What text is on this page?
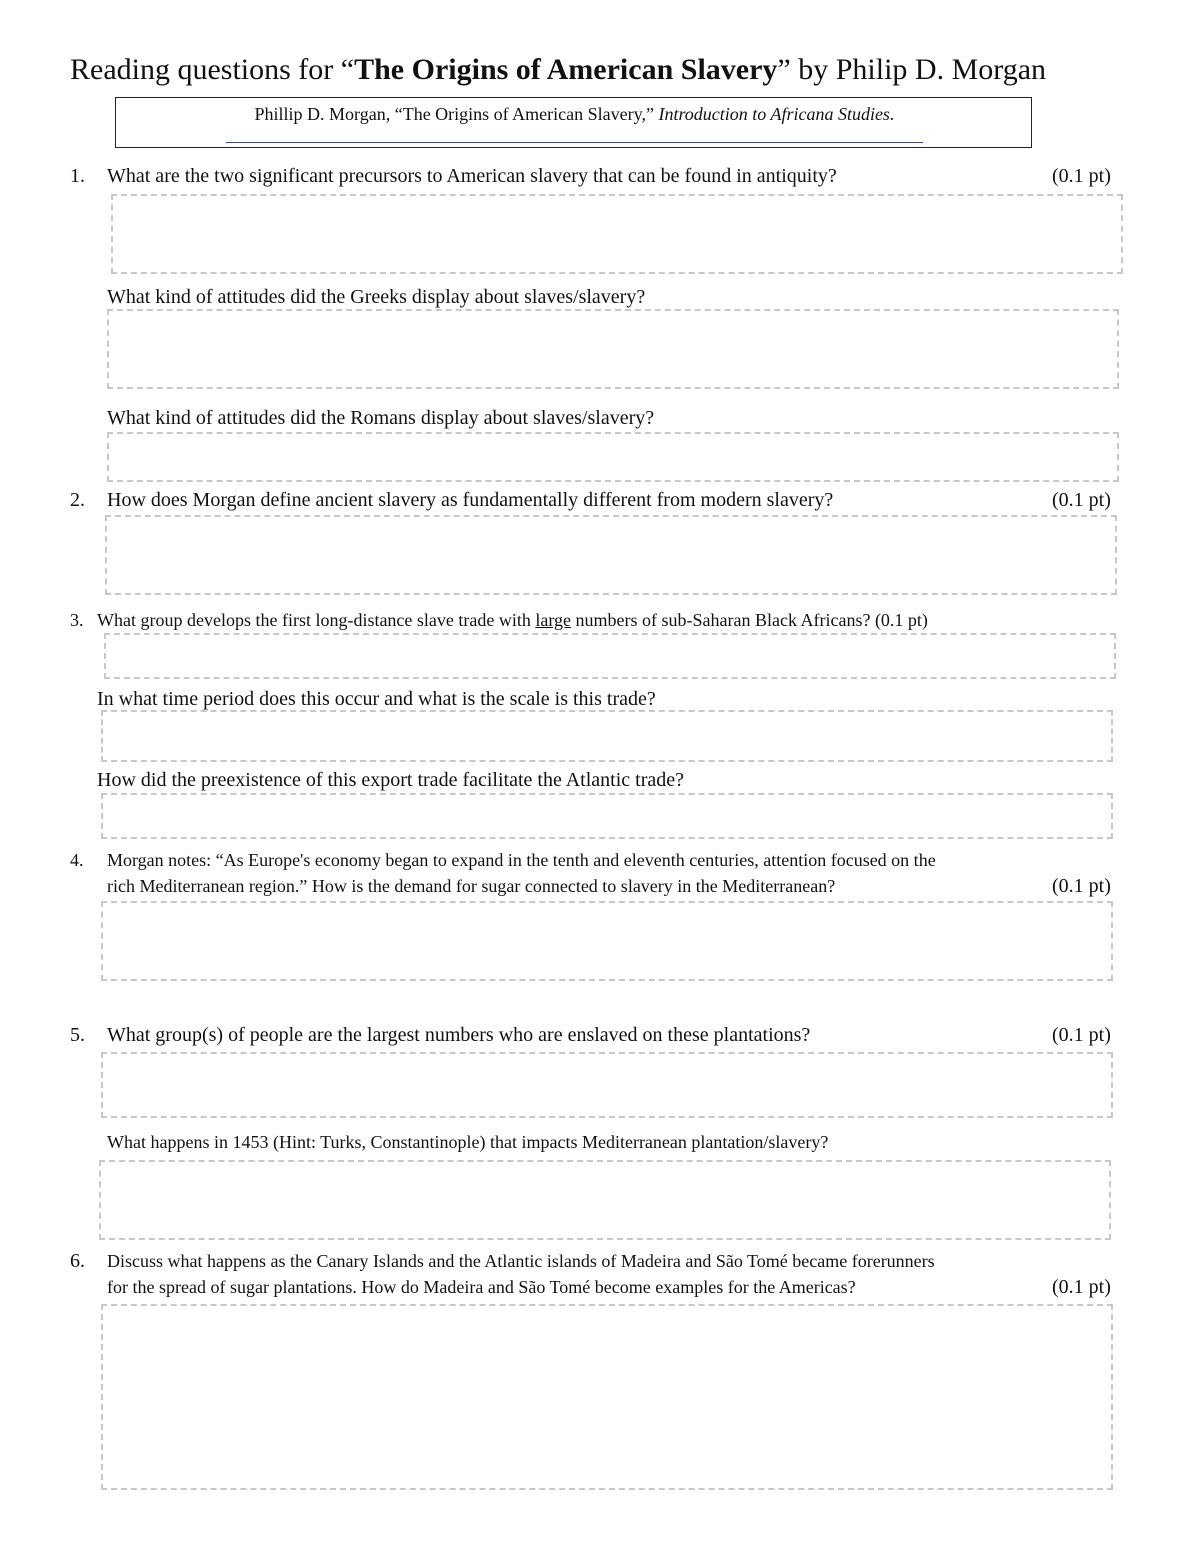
Reading questions for “The Origins of American Slavery” by Philip D. Morgan
Phillip D. Morgan, “The Origins of American Slavery,” Introduction to Africana Studies.
1. What are the two significant precursors to American slavery that can be found in antiquity?	(0.1 pt)
What kind of attitudes did the Greeks display about slaves/slavery?
What kind of attitudes did the Romans display about slaves/slavery?
2. How does Morgan define ancient slavery as fundamentally different from modern slavery?	(0.1 pt)
3. What group develops the first long-distance slave trade with large numbers of sub-Saharan Black Africans? (0.1 pt)
In what time period does this occur and what is the scale is this trade?
How did the preexistence of this export trade facilitate the Atlantic trade?
4. Morgan notes: “As Europe's economy began to expand in the tenth and eleventh centuries, attention focused on the
rich Mediterranean region.” How is the demand for sugar connected to slavery in the Mediterranean?	(0.1 pt)
5. What group(s) of people are the largest numbers who are enslaved on these plantations?	(0.1 pt)
What happens in 1453 (Hint: Turks, Constantinople) that impacts Mediterranean plantation/slavery?
6. Discuss what happens as the Canary Islands and the Atlantic islands of Madeira and São Tomé became forerunners
for the spread of sugar plantations. How do Madeira and São Tomé become examples for the Americas?	(0.1 pt)
